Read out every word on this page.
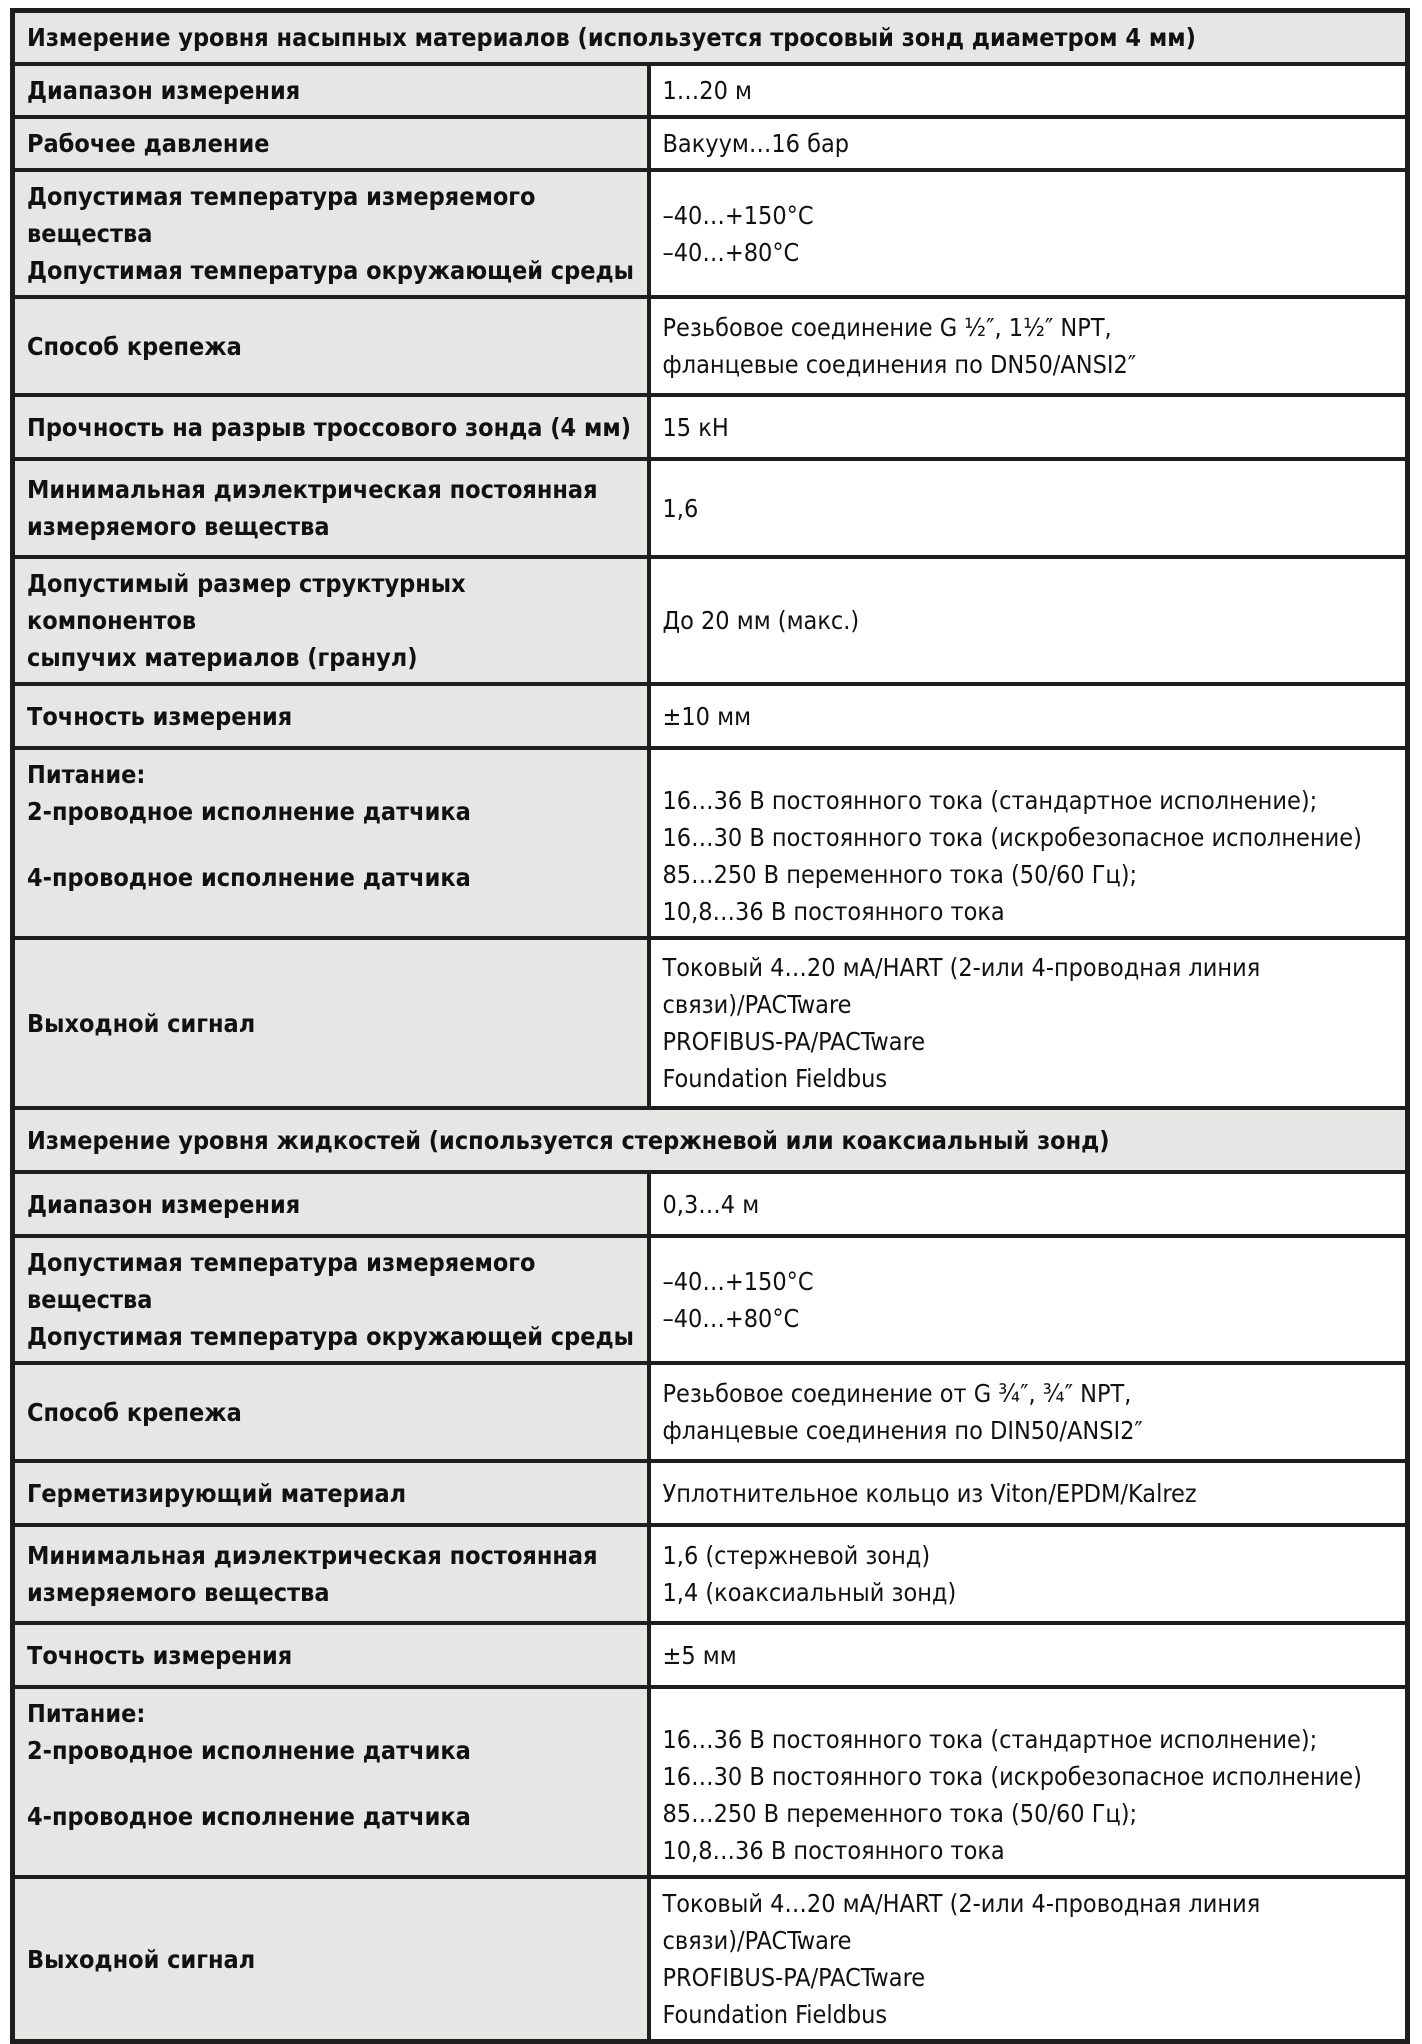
Измерение уровня насыпных материалов (используется тросовый зонд диаметром 4 мм)	

Диапазон измерения	1…20 м

Рабочее давление	Вакуум…16 бар

Допустимая температура измеряемого вещества
Допустимая температура окружающей среды	–40…+150°С
–40…+80°С

Способ крепежа	Резьбовое соединение G ½″, 1½″ NPT,
фланцевые соединения по DN50/ANSI2″

Прочность на разрыв троссового зонда (4 мм)	15 кН

Минимальная диэлектрическая постоянная
измеряемого вещества	1,6

Допустимый размер структурных компонентов
сыпучих материалов (гранул)	До 20 мм (макс.)

Точность измерения	±10 мм

Питание:
2-проводное исполнение датчика
4-проводное исполнение датчика	16…36 В постоянного тока (стандартное исполнение);
16…30 В постоянного тока (искробезопасное исполнение)
85…250 В переменного тока (50/60 Гц);
10,8…36 В постоянного тока

Выходной сигнал	Токовый 4…20 мА/HART (2-или 4-проводная линия
связи)/PACTware
PROFIBUS-PA/PACTware
Foundation Fieldbus

Измерение уровня жидкостей (используется стержневой или коаксиальный зонд)	

Диапазон измерения	0,3…4 м

Допустимая температура измеряемого вещества
Допустимая температура окружающей среды	–40…+150°С
–40…+80°С

Способ крепежа	Резьбовое соединение от G ¾″, ¾″ NPT,
фланцевые соединения по DIN50/ANSI2″

Герметизирующий материал	Уплотнительное кольцо из Viton/EPDM/Kalrez

Минимальная диэлектрическая постоянная
измеряемого вещества	1,6 (стержневой зонд)
1,4 (коаксиальный зонд)

Точность измерения	±5 мм

Питание:
2-проводное исполнение датчика
4-проводное исполнение датчика	16…36 В постоянного тока (стандартное исполнение);
16…30 В постоянного тока (искробезопасное исполнение)
85…250 В переменного тока (50/60 Гц);
10,8…36 В постоянного тока

Выходной сигнал	Токовый 4…20 мА/HART (2-или 4-проводная линия
связи)/PACTware
PROFIBUS-PA/PACTware
Foundation Fieldbus
